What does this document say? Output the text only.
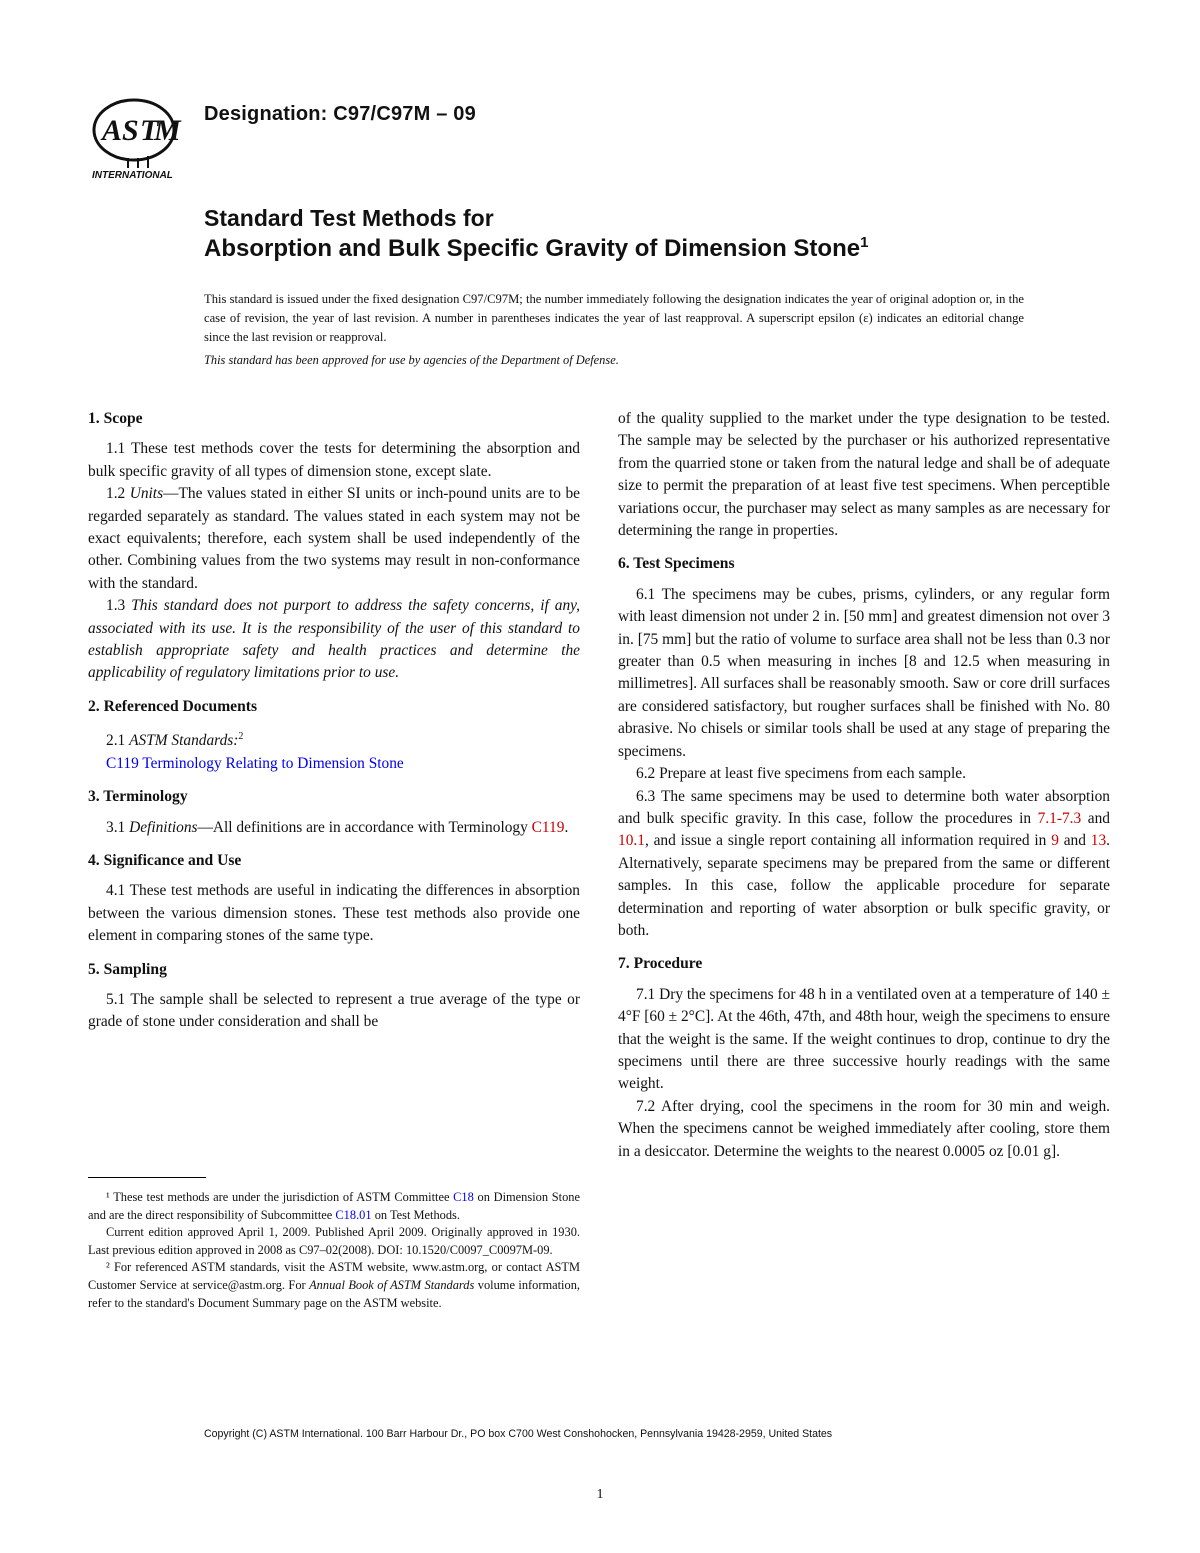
A S T
M
INTERNATIONAL
Designation: C97/C97M – 09
Standard Test Methods for
Absorption and Bulk Specific Gravity of Dimension Stone$^1$
This standard is issued under the fixed designation C97/C97M; the number immediately following the designation indicates the year of original adoption or, in the case of revision, the year of last revision. A number in parentheses indicates the year of last reapproval. A superscript epsilon (ε) indicates an editorial change since the last revision or reapproval.
This standard has been approved for use by agencies of the Department of Defense.
1. Scope

1.1 These test methods cover the tests for determining the absorption and bulk specific gravity of all types of dimension stone, except slate.

1.2 Units—The values stated in either SI units or inch-pound units are to be regarded separately as standard. The values stated in each system may not be exact equivalents; therefore, each system shall be used independently of the other. Combining values from the two systems may result in non-conformance with the standard.

1.3 This standard does not purport to address the safety concerns, if any, associated with its use. It is the responsibility of the user of this standard to establish appropriate safety and health practices and determine the applicability of regulatory limitations prior to use.

2. Referenced Documents

2.1 ASTM Standards:$^2$

C119 Terminology Relating to Dimension Stone

3. Terminology

3.1 Definitions—All definitions are in accordance with Terminology C119.

4. Significance and Use

4.1 These test methods are useful in indicating the differences in absorption between the various dimension stones. These test methods also provide one element in comparing stones of the same type.

5. Sampling

5.1 The sample shall be selected to represent a true average of the type or grade of stone under consideration and shall be

of the quality supplied to the market under the type designation to be tested. The sample may be selected by the purchaser or his authorized representative from the quarried stone or taken from the natural ledge and shall be of adequate size to permit the preparation of at least five test specimens. When perceptible variations occur, the purchaser may select as many samples as are necessary for determining the range in properties.

6. Test Specimens

6.1 The specimens may be cubes, prisms, cylinders, or any regular form with least dimension not under 2 in. [50 mm] and greatest dimension not over 3 in. [75 mm] but the ratio of volume to surface area shall not be less than 0.3 nor greater than 0.5 when measuring in inches [8 and 12.5 when measuring in millimetres]. All surfaces shall be reasonably smooth. Saw or core drill surfaces are considered satisfactory, but rougher surfaces shall be finished with No. 80 abrasive. No chisels or similar tools shall be used at any stage of preparing the specimens.

6.2 Prepare at least five specimens from each sample.

6.3 The same specimens may be used to determine both water absorption and bulk specific gravity. In this case, follow the procedures in 7.1-7.3 and 10.1, and issue a single report containing all information required in 9 and 13. Alternatively, separate specimens may be prepared from the same or different samples. In this case, follow the applicable procedure for separate determination and reporting of water absorption or bulk specific gravity, or both.

7. Procedure

7.1 Dry the specimens for 48 h in a ventilated oven at a temperature of 140 ± 4°F [60 ± 2°C]. At the 46th, 47th, and 48th hour, weigh the specimens to ensure that the weight is the same. If the weight continues to drop, continue to dry the specimens until there are three successive hourly readings with the same weight.

7.2 After drying, cool the specimens in the room for 30 min and weigh. When the specimens cannot be weighed immediately after cooling, store them in a desiccator. Determine the weights to the nearest 0.0005 oz [0.01 g].

¹ These test methods are under the jurisdiction of ASTM Committee C18 on Dimension Stone and are the direct responsibility of Subcommittee C18.01 on Test Methods.

Current edition approved April 1, 2009. Published April 2009. Originally approved in 1930. Last previous edition approved in 2008 as C97–02(2008). DOI: 10.1520/C0097_C0097M-09.

² For referenced ASTM standards, visit the ASTM website, www.astm.org, or contact ASTM Customer Service at service@astm.org. For Annual Book of ASTM Standards volume information, refer to the standard's Document Summary page on the ASTM website.

Copyright (C) ASTM International. 100 Barr Harbour Dr., PO box C700 West Conshohocken, Pennsylvania 19428-2959, United States
1
